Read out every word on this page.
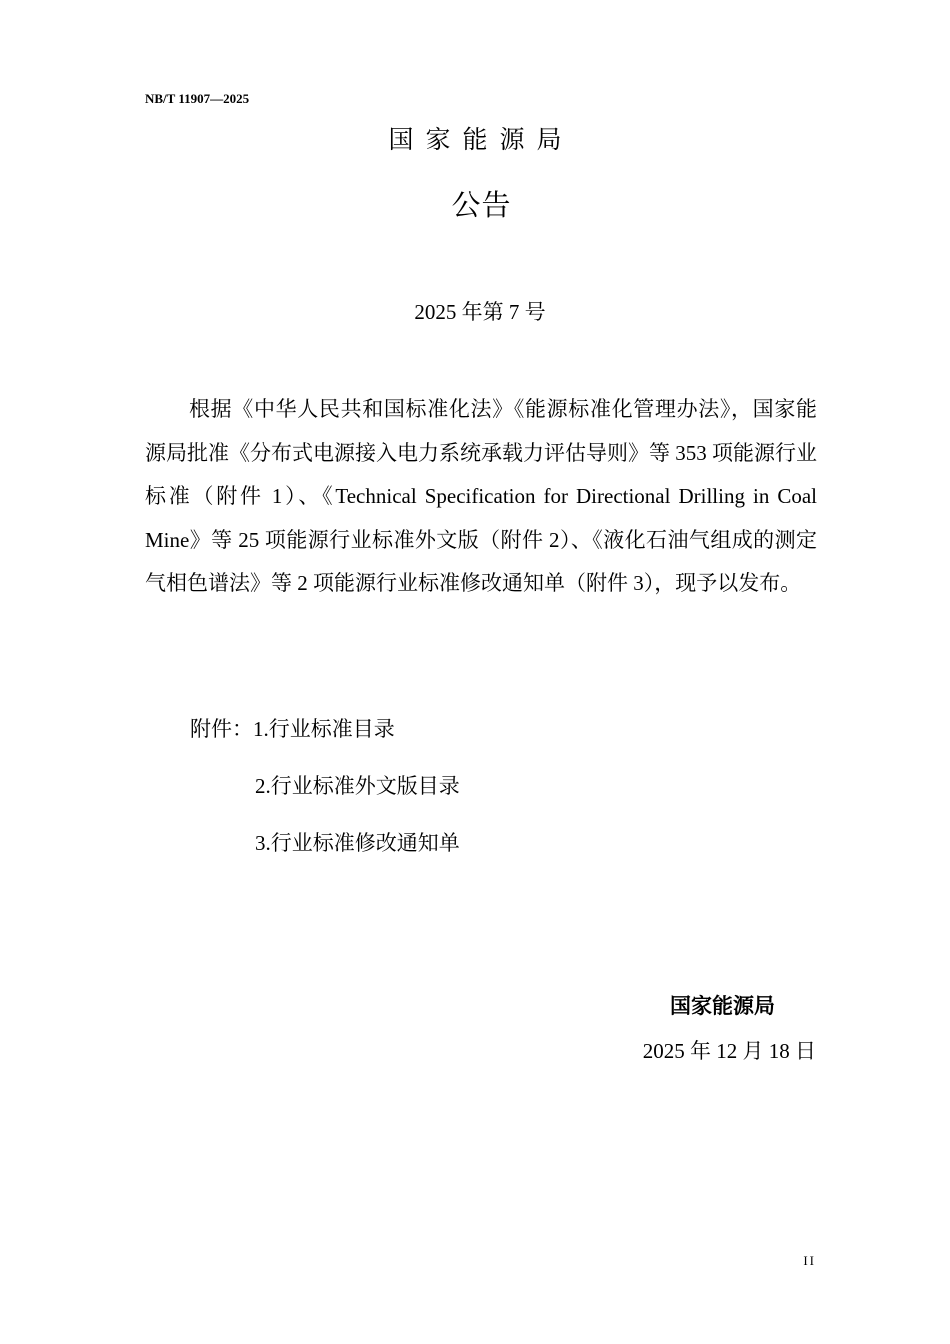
NB/T 11907—2025
国家能源局
公告
2025 年第 7 号

根据《中华人民共和国标准化法》《能源标准化管理办法》，国家能源局批准《分布式电源接入电力系统承载力评估导则》等 353 项能源行业标准（附件 1）、《Technical Specification for Directional Drilling in Coal Mine》等 25 项能源行业标准外文版（附件 2）、《液化石油气组成的测定 气相色谱法》等 2 项能源行业标准修改通知单（附件 3），现予以发布。

附件：1.行业标准目录
2.行业标准外文版目录
3.行业标准修改通知单
国家能源局
2025 年 12 月 18 日
II
